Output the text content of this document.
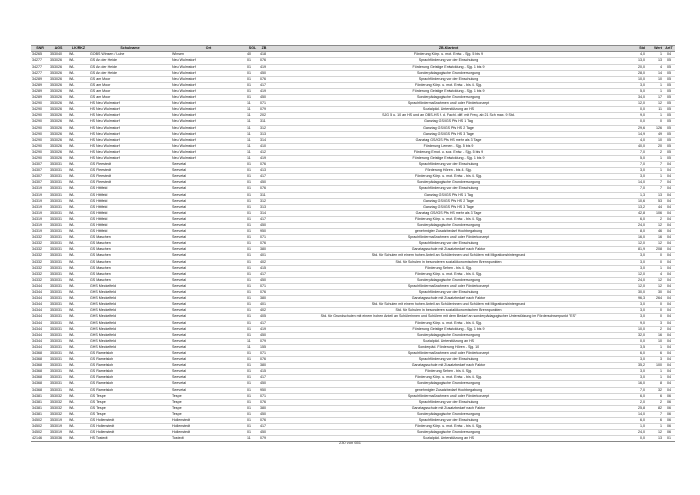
SNR	AGS	LK/RKZ	Schulname	Ort	SGL	ZB	ZB-Klartext	Std	Wert	ArtT
34265	353040	WL	GOBS Winsen / Luhe	Winsen	40	418	Förderung Körp. u. mot. Entw. - Sjg. 5 bis 9	4,0	1	04
34277	353026	WL	GS An der Heide	Neu Wulmstorf	01	076	Sprachförderung vor der Einschulung	13,0	13	05
34277	353026	WL	GS An der Heide	Neu Wulmstorf	01	419	Förderung Geistige Entwicklung - Sjg. 1 bis 9	20,0	4	05
34277	353026	WL	GS An der Heide	Neu Wulmstorf	01	450	Sonderpädagogische Grundversorgung	28,0	14	05
34289	353026	WL	GS am Moor	Neu Wulmstorf	01	076	Sprachförderung vor der Einschulung	10,0	10	05
34289	353026	WL	GS am Moor	Neu Wulmstorf	01	417	Förderung Körp. u. mot. Entw. - bis 4. Sjg.	3,0	1	05
34289	353026	WL	GS am Moor	Neu Wulmstorf	01	419	Förderung Geistige Entwicklung - Sjg. 1 bis 9	5,0	1	05
34289	353026	WL	GS am Moor	Neu Wulmstorf	01	450	Sonderpädagogische Grundversorgung	34,0	17	05
34290	353026	WL	HS Neu Wulmstorf	Neu Wulmstorf	11	071	Sprachfördermaßnahmen und/ oder Förderkonzept	12,0	12	05
34290	353026	WL	HS Neu Wulmstorf	Neu Wulmstorf	11	079	Sozialpäd. Unterstützung an HS	0,0	11	05
34290	353026	WL	HS Neu Wulmstorf	Neu Wulmstorf	11	202	SJG 5 u. 10 an HS und an OBS-HS f. d. Fachl. diff. mit Freq. ab 21 Sch max. 9 Std.	9,0	1	05
34290	353026	WL	HS Neu Wulmstorf	Neu Wulmstorf	11	311	Ganztag GS/IGS Pfs HS 1 Tag	0,0	0	05
34290	353026	WL	HS Neu Wulmstorf	Neu Wulmstorf	11	312	Ganztag GS/IGS Pfs HS 2 Tage	29,6	126	05
34290	353026	WL	HS Neu Wulmstorf	Neu Wulmstorf	11	313	Ganztag GS/IGS Pfs HS 3 Tage	14,9	49	05
34290	353026	WL	HS Neu Wulmstorf	Neu Wulmstorf	11	314	Ganztag GS/IGS Pfs HS mehr als 3 Tage	4,0	10	05
34290	353026	WL	HS Neu Wulmstorf	Neu Wulmstorf	11	410	Förderung Lernen - Sjg. 5 bis 9	40,0	20	05
34290	353026	WL	HS Neu Wulmstorf	Neu Wulmstorf	11	412	Förderung Emot. u. soz. Entw. - Sjg. 5 bis 9	7,0	2	05
34290	353026	WL	HS Neu Wulmstorf	Neu Wulmstorf	11	419	Förderung Geistige Entwicklung - Sjg. 1 bis 9	5,0	1	05
34307	353031	WL	GS Fleestedt	Seevetal	01	076	Sprachförderung vor der Einschulung	7,0	7	04
34307	353031	WL	GS Fleestedt	Seevetal	01	413	Förderung Hören - bis 4. Sjg.	3,0	1	04
34307	353031	WL	GS Fleestedt	Seevetal	01	417	Förderung Körp. u. mot. Entw. - bis 4. Sjg.	3,0	1	04
34307	353031	WL	GS Fleestedt	Seevetal	01	450	Sonderpädagogische Grundversorgung	14,0	7	04
34319	353031	WL	GS Hittfeld	Seevetal	01	076	Sprachförderung vor der Einschulung	7,0	7	04
34319	353031	WL	GS Hittfeld	Seevetal	01	311	Ganztag GS/IGS Pfs HS 1 Tag	1,3	13	04
34319	353031	WL	GS Hittfeld	Seevetal	01	312	Ganztag GS/IGS Pfs HS 2 Tage	10,6	53	04
34319	353031	WL	GS Hittfeld	Seevetal	01	313	Ganztag GS/IGS Pfs HS 3 Tage	13,2	44	04
34319	353031	WL	GS Hittfeld	Seevetal	01	314	Ganztag GS/IGS Pfs HS mehr als 3 Tage	42,8	106	04
34319	353031	WL	GS Hittfeld	Seevetal	01	417	Förderung Körp. u. mot. Entw. - bis 4. Sjg.	6,0	2	04
34319	353031	WL	GS Hittfeld	Seevetal	01	450	Sonderpädagogische Grundversorgung	24,0	12	04
34319	353031	WL	GS Hittfeld	Seevetal	01	950	genehmigter Zusatzbedarf Hochbegabung	8,0	46	04
34332	353031	WL	GS Maschen	Seevetal	01	071	Sprachfördermaßnahmen und/ oder Förderkonzept	16,0	16	04
34332	353031	WL	GS Maschen	Seevetal	01	076	Sprachförderung vor der Einschulung	12,0	12	04
34332	353031	WL	GS Maschen	Seevetal	01	380	Ganztagsschule mit Zusatzbedarf nach Faktor	81,9	208	04
34332	353031	WL	GS Maschen	Seevetal	01	401	Std. für Schulen mit einem hohen Anteil an Schülerinnen und Schülern mit Migrationshintergrund	3,0	0	04
34332	353031	WL	GS Maschen	Seevetal	01	402	Std. für Schulen in besonderen sozialökonomischen Brennpunkten	3,0	0	04
34332	353031	WL	GS Maschen	Seevetal	01	415	Förderung Sehen - bis 4. Sjg.	3,0	1	04
34332	353031	WL	GS Maschen	Seevetal	01	417	Förderung Körp. u. mot. Entw. - bis 4. Sjg.	12,0	4	04
34332	353031	WL	GS Maschen	Seevetal	01	450	Sonderpädagogische Grundversorgung	24,0	12	04
34344	353031	WL	GHS Meckelfeld	Seevetal	01	071	Sprachfördermaßnahmen und/ oder Förderkonzept	12,0	12	04
34344	353031	WL	GHS Meckelfeld	Seevetal	01	076	Sprachförderung vor der Einschulung	30,0	30	04
34344	353031	WL	GHS Meckelfeld	Seevetal	01	380	Ganztagsschule mit Zusatzbedarf nach Faktor	96,3	264	04
34344	353031	WL	GHS Meckelfeld	Seevetal	01	401	Std. für Schulen mit einem hohen Anteil an Schülerinnen und Schülern mit Migrationshintergrund	3,0	0	04
34344	353031	WL	GHS Meckelfeld	Seevetal	01	402	Std. für Schulen in besonderen sozialökonomischen Brennpunkten	3,0	0	04
34344	353031	WL	GHS Meckelfeld	Seevetal	01	405	Std. für Grundschulen mit einem hohen Anteil an Schülerinnen und Schülern mit dem Bedarf an sonderpädagogischer Unterstützung im Förderschwerpunkt "ES"	3,0	0	04
34344	353031	WL	GHS Meckelfeld	Seevetal	01	417	Förderung Körp. u. mot. Entw. - bis 4. Sjg.	9,0	3	04
34344	353031	WL	GHS Meckelfeld	Seevetal	01	419	Förderung Geistige Entwicklung - Sjg. 1 bis 9	10,0	2	04
34344	353031	WL	GHS Meckelfeld	Seevetal	01	450	Sonderpädagogische Grundversorgung	32,0	16	04
34344	353031	WL	GHS Meckelfeld	Seevetal	11	079	Sozialpäd. Unterstützung an HS	0,0	10	04
34344	353031	WL	GHS Meckelfeld	Seevetal	11	155	Sonderpäd. Förderung Hören - Sjg. 10	3,5	1	04
34368	353031	WL	GS Ramelsloh	Seevetal	01	071	Sprachfördermaßnahmen und/ oder Förderkonzept	6,0	6	04
34368	353031	WL	GS Ramelsloh	Seevetal	01	076	Sprachförderung vor der Einschulung	3,0	3	04
34368	353031	WL	GS Ramelsloh	Seevetal	01	380	Ganztagsschule mit Zusatzbedarf nach Faktor	35,2	100	04
34368	353031	WL	GS Ramelsloh	Seevetal	01	415	Förderung Sehen - bis 4. Sjg.	3,0	1	04
34368	353031	WL	GS Ramelsloh	Seevetal	01	417	Förderung Körp. u. mot. Entw. - bis 4. Sjg.	3,0	1	04
34368	353031	WL	GS Ramelsloh	Seevetal	01	450	Sonderpädagogische Grundversorgung	16,0	8	04
34368	353031	WL	GS Ramelsloh	Seevetal	01	950	genehmigter Zusatzbedarf Hochbegabung	7,0	32	04
34381	353032	WL	GS Tespe	Tespe	01	071	Sprachfördermaßnahmen und/ oder Förderkonzept	6,0	6	06
34381	353032	WL	GS Tespe	Tespe	01	076	Sprachförderung vor der Einschulung	2,0	2	06
34381	353032	WL	GS Tespe	Tespe	01	380	Ganztagsschule mit Zusatzbedarf nach Faktor	25,8	82	06
34381	353032	WL	GS Tespe	Tespe	01	450	Sonderpädagogische Grundversorgung	14,0	7	06
34502	353019	WL	GS Hollenstedt	Hollenstedt	01	076	Sprachförderung vor der Einschulung	6,0	6	06
34502	353019	WL	GS Hollenstedt	Hollenstedt	01	417	Förderung Körp. u. mot. Entw. - bis 4. Sjg.	1,0	1	06
34502	353019	WL	GS Hollenstedt	Hollenstedt	01	450	Sonderpädagogische Grundversorgung	24,0	12	06
42146	353036	WL	HS Tostedt	Tostedt	11	079	Sozialpäd. Unterstützung an HS	0,0	13	01
230 von 651
